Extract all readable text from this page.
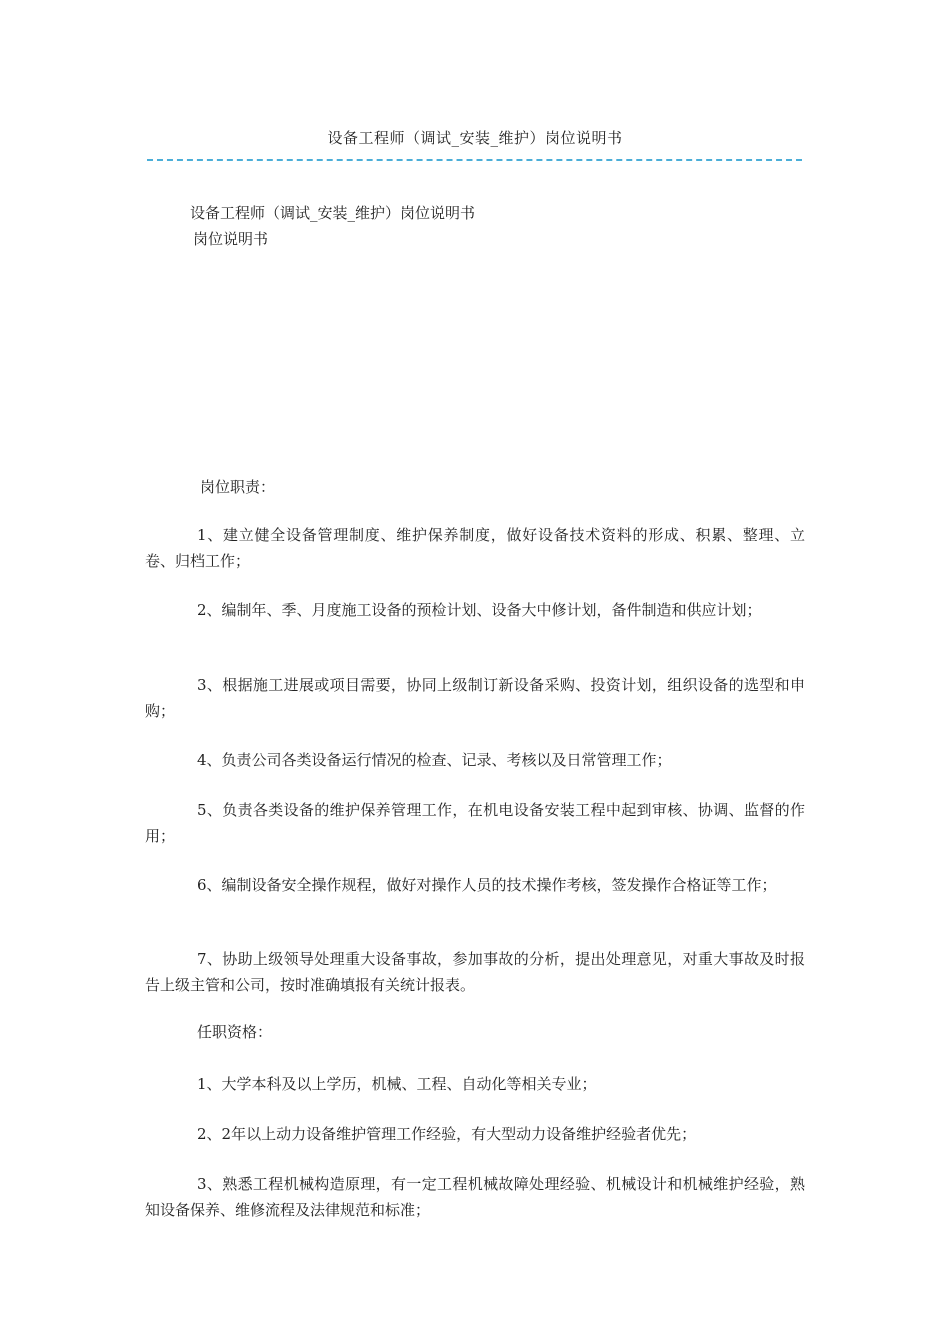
设备工程师（调试_安装_维护）岗位说明书
设备工程师（调试_安装_维护）岗位说明书
岗位说明书
岗位职责：
1、建立健全设备管理制度、维护保养制度，做好设备技术资料的形成、积累、整理、立卷、归档工作；
2、编制年、季、月度施工设备的预检计划、设备大中修计划，备件制造和供应计划；
3、根据施工进展或项目需要，协同上级制订新设备采购、投资计划，组织设备的选型和申购；
4、负责公司各类设备运行情况的检查、记录、考核以及日常管理工作；
5、负责各类设备的维护保养管理工作，在机电设备安装工程中起到审核、协调、监督的作用；
6、编制设备安全操作规程，做好对操作人员的技术操作考核，签发操作合格证等工作；
7、协助上级领导处理重大设备事故，参加事故的分析，提出处理意见，对重大事故及时报告上级主管和公司，按时准确填报有关统计报表。
任职资格：
1、大学本科及以上学历，机械、工程、自动化等相关专业；
2、2年以上动力设备维护管理工作经验，有大型动力设备维护经验者优先；
3、熟悉工程机械构造原理，有一定工程机械故障处理经验、机械设计和机械维护经验，熟知设备保养、维修流程及法律规范和标准；
